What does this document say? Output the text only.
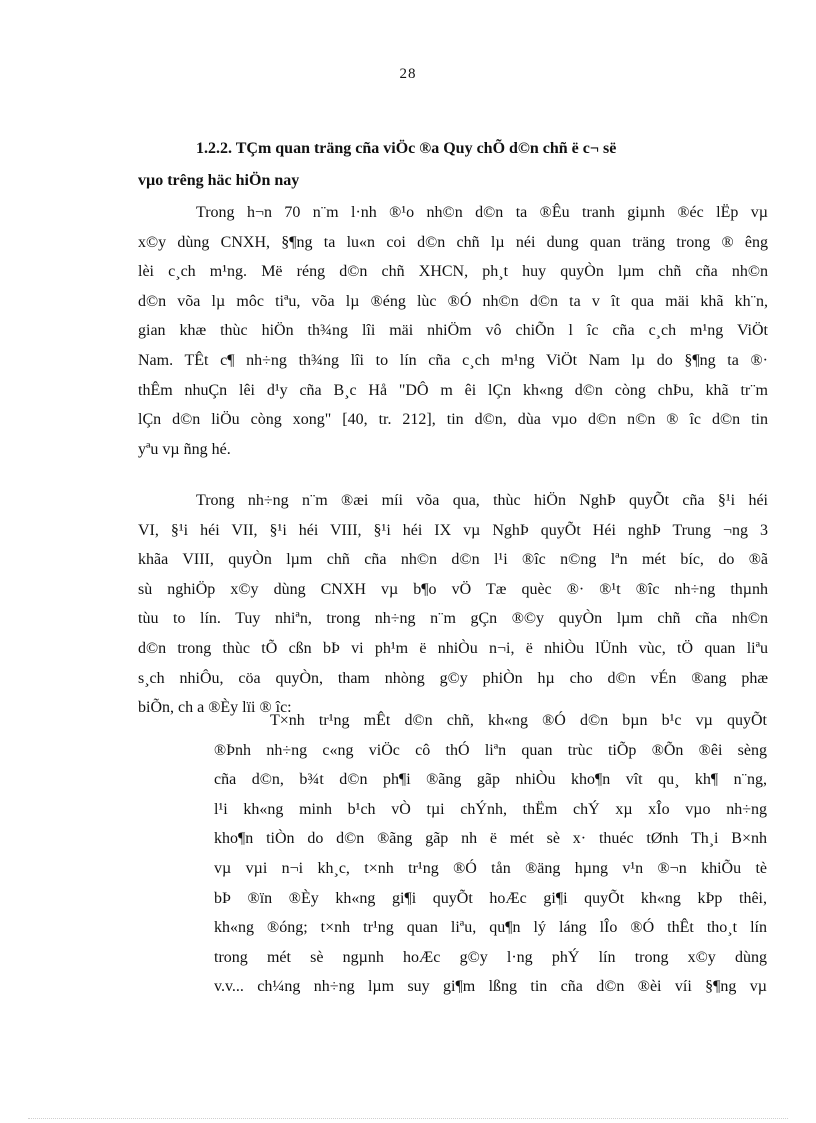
28
1.2.2. TÇm quan träng cña viÖc ®a Quy chÕ d©n chñ ë c¬ së
vµo trêng häc hiÖn nay

Trong h¬n 70 n¨m l·nh ®¹o nh©n d©n ta ®Êu tranh giµnh ®éc lËp vµ
x©y dùng CNXH, §¶ng ta lu«n coi d©n chñ lµ néi dung quan träng trong ® êng
lèi c¸ch m¹ng. Më réng d©n chñ XHCN, ph¸t huy quyÒn lµm chñ cña nh©n
d©n võa lµ môc tiªu, võa lµ ®éng lùc ®Ó nh©n d©n ta v ît qua mäi khã kh¨n,
gian khæ thùc hiÖn th¾ng lîi mäi nhiÖm vô chiÕn l îc cña c¸ch m¹ng ViÖt
Nam. TÊt c¶ nh÷ng th¾ng lîi to lín cña c¸ch m¹ng ViÖt Nam lµ do §¶ng ta ®·
thÊm nhuÇn lêi d¹y cña B¸c Hå "DÔ m êi lÇn kh«ng d©n còng chÞu, khã tr¨m
lÇn d©n liÖu còng xong" [40, tr. 212], tin d©n, dùa vµo d©n n©n ® îc d©n tin
yªu vµ ñng hé.

Trong nh÷ng n¨m ®æi míi võa qua, thùc hiÖn NghÞ quyÕt cña §¹i héi
VI, §¹i héi VII, §¹i héi VIII, §¹i héi IX vµ NghÞ quyÕt Héi nghÞ Trung ¬ng 3
khãa VIII, quyÒn lµm chñ cña nh©n d©n l¹i ®îc n©ng lªn mét bíc, do ®ã
sù nghiÖp x©y dùng CNXH vµ b¶o vÖ Tæ quèc ®· ®¹t ®îc nh÷ng thµnh
tùu to lín. Tuy nhiªn, trong nh÷ng n¨m gÇn ®©y quyÒn lµm chñ cña nh©n
d©n trong thùc tÕ cßn bÞ vi ph¹m ë nhiÒu n¬i, ë nhiÒu lÜnh vùc, tÖ quan liªu
s¸ch nhiÔu, cöa quyÒn, tham nhòng g©y phiÒn hµ cho d©n vÉn ®ang phæ
biÕn, ch a ®Èy lïi ® îc:

T×nh tr¹ng mÊt d©n chñ, kh«ng ®Ó d©n bµn b¹c vµ quyÕt
®Þnh nh÷ng c«ng viÖc cô thÓ liªn quan trùc tiÕp ®Õn ®êi sèng
cña d©n, b¾t d©n ph¶i ®ãng gãp nhiÒu kho¶n vît qu¸ kh¶ n¨ng,
l¹i kh«ng minh b¹ch vÒ tµi chÝnh, thËm chÝ xµ xÎo vµo nh÷ng
kho¶n tiÒn do d©n ®ãng gãp nh ë mét sè x· thuéc tØnh Th¸i B×nh
vµ vµi n¬i kh¸c, t×nh tr¹ng ®Ó tån ®äng hµng v¹n ®¬n khiÕu tè
bÞ ®ïn ®Èy kh«ng gi¶i quyÕt hoÆc gi¶i quyÕt kh«ng kÞp thêi,
kh«ng ®óng; t×nh tr¹ng quan liªu, qu¶n lý láng lÎo ®Ó thÊt tho¸t lín
trong mét sè ngµnh hoÆc g©y l·ng phÝ lín trong x©y dùng
v.v... ch¼ng nh÷ng lµm suy gi¶m lßng tin cña d©n ®èi víi §¶ng vµ
